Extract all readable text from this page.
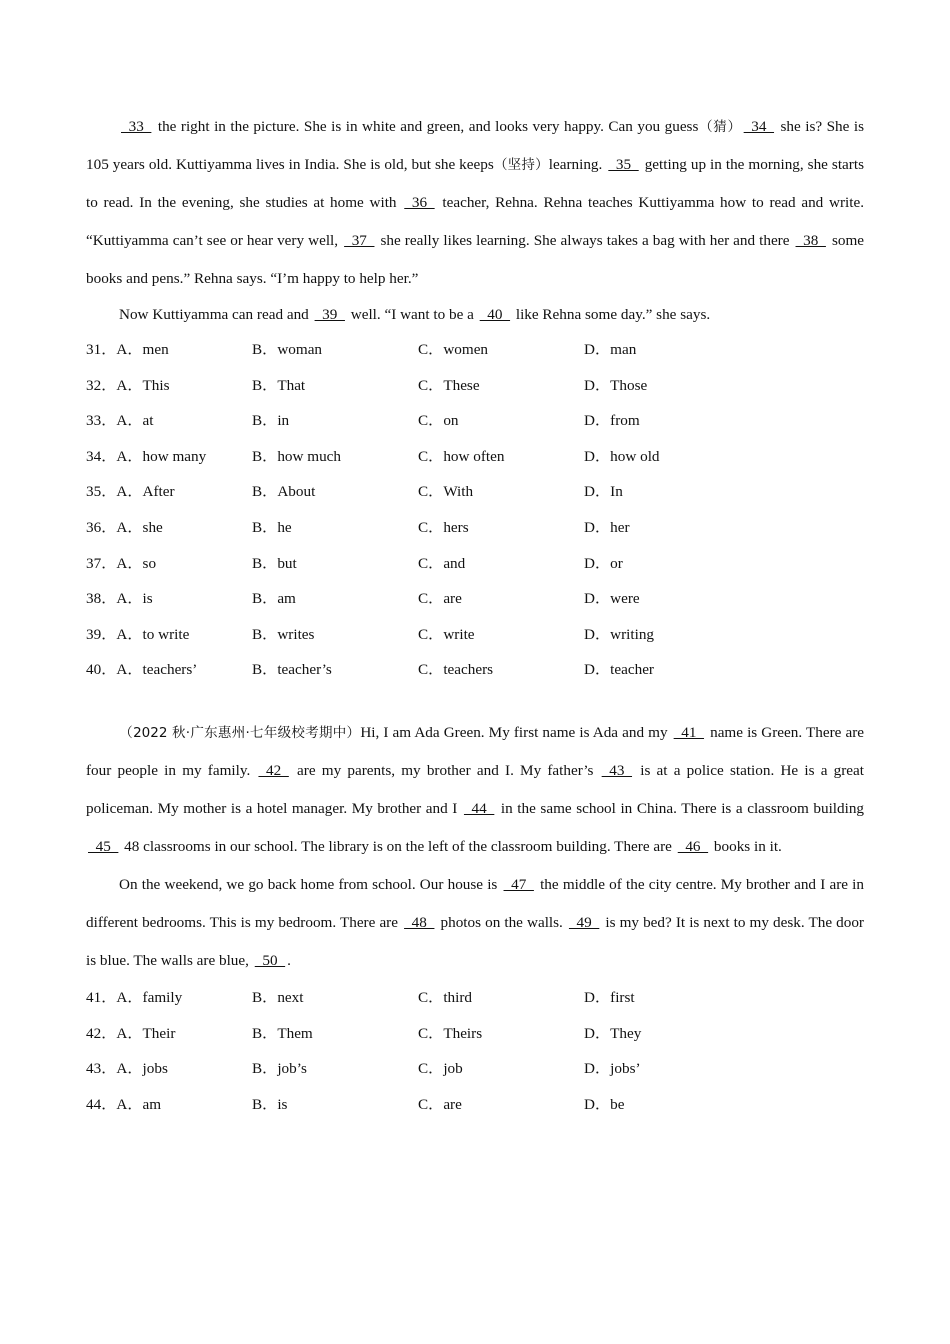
33   the right in the picture. She is in white and green, and looks very happy. Can you guess（猜）  34   she is? She is 105 years old. Kuttiyamma lives in India. She is old, but she keeps（坚持）learning.   35   getting up in the morning, she starts to read. In the evening, she studies at home with   36   teacher, Rehna. Rehna teaches Kuttiyamma how to read and write. “Kuttiyamma can’t see or hear very well,   37   she really likes learning. She always takes a bag with her and there   38   some books and pens.” Rehna says. “I’m happy to help her.”

Now Kuttiyamma can read and   39   well. “I want to be a   40   like Rehna some day.” she says.

31．A．men	B．woman	C．women	D．man
32．A．This	B．That	C．These	D．Those
33．A．at	B．in	C．on	D．from
34．A．how many	B．how much	C．how often	D．how old
35．A．After	B．About	C．With	D．In
36．A．she	B．he	C．hers	D．her
37．A．so	B．but	C．and	D．or
38．A．is	B．am	C．are	D．were
39．A．to write	B．writes	C．write	D．writing
40．A．teachers’	B．teacher’s	C．teachers	D．teacher

（2022 秋·广东惠州·七年级校考期中）Hi, I am Ada Green. My first name is Ada and my   41   name is Green. There are four people in my family.   42   are my parents, my brother and I. My father’s   43   is at a police station. He is a great policeman. My mother is a hotel manager. My brother and I   44   in the same school in China. There is a classroom building   45   48 classrooms in our school. The library is on the left of the classroom building. There are   46   books in it.

On the weekend, we go back home from school. Our house is   47   the middle of the city centre. My brother and I are in different bedrooms. This is my bedroom. There are   48   photos on the walls.   49   is my bed? It is next to my desk. The door is blue. The walls are blue,   50  .

41．A．family	B．next	C．third	D．first
42．A．Their	B．Them	C．Theirs	D．They
43．A．jobs	B．job’s	C．job	D．jobs’
44．A．am	B．is	C．are	D．be
